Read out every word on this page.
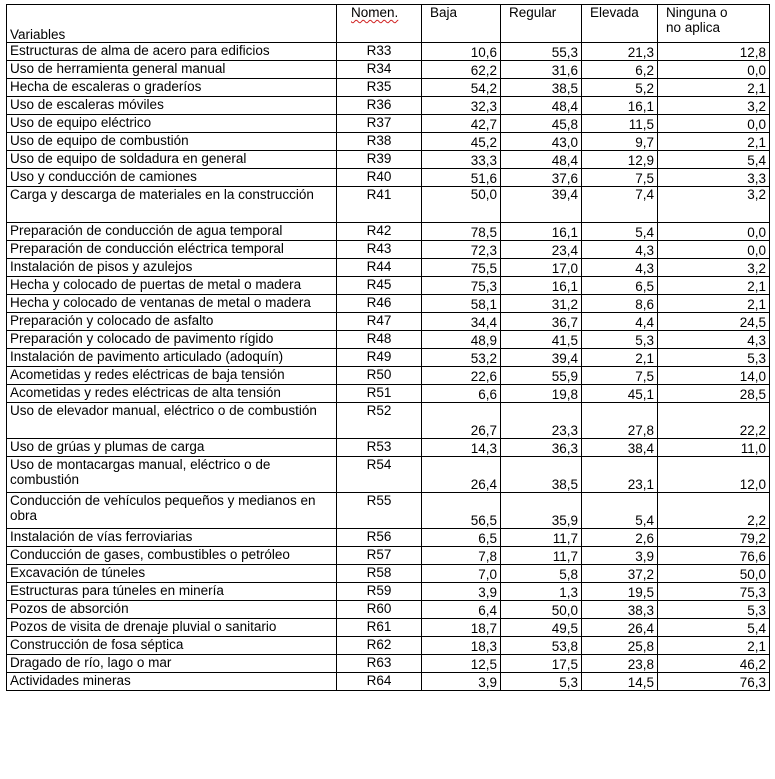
Variables	Nomen.	Baja	Regular	Elevada	Ninguna o
no aplica
Estructuras de alma de acero para edificios	R33	10,6	55,3	21,3	12,8
Uso de herramienta general manual	R34	62,2	31,6	6,2	0,0
Hecha de escaleras o graderíos	R35	54,2	38,5	5,2	2,1
Uso de escaleras móviles	R36	32,3	48,4	16,1	3,2
Uso de equipo eléctrico	R37	42,7	45,8	11,5	0,0
Uso de equipo de combustión	R38	45,2	43,0	9,7	2,1
Uso de equipo de soldadura en general	R39	33,3	48,4	12,9	5,4
Uso y conducción de camiones	R40	51,6	37,6	7,5	3,3
Carga y descarga de materiales en la construcción	R41	50,0	39,4	7,4	3,2
Preparación de conducción de agua temporal	R42	78,5	16,1	5,4	0,0
Preparación de conducción eléctrica temporal	R43	72,3	23,4	4,3	0,0
Instalación de pisos y azulejos	R44	75,5	17,0	4,3	3,2
Hecha y colocado de puertas de metal o madera	R45	75,3	16,1	6,5	2,1
Hecha y colocado de ventanas de metal o madera	R46	58,1	31,2	8,6	2,1
Preparación y colocado de asfalto	R47	34,4	36,7	4,4	24,5
Preparación y colocado de pavimento rígido	R48	48,9	41,5	5,3	4,3
Instalación de pavimento articulado (adoquín)	R49	53,2	39,4	2,1	5,3
Acometidas y redes eléctricas de baja tensión	R50	22,6	55,9	7,5	14,0
Acometidas y redes eléctricas de alta tensión	R51	6,6	19,8	45,1	28,5
Uso de elevador manual, eléctrico o de combustión	R52	26,7	23,3	27,8	22,2
Uso de grúas y plumas de carga	R53	14,3	36,3	38,4	11,0
Uso de montacargas manual, eléctrico o de combustión	R54	26,4	38,5	23,1	12,0
Conducción de vehículos pequeños y medianos en obra	R55	56,5	35,9	5,4	2,2
Instalación de vías ferroviarias	R56	6,5	11,7	2,6	79,2
Conducción de gases, combustibles o petróleo	R57	7,8	11,7	3,9	76,6
Excavación de túneles	R58	7,0	5,8	37,2	50,0
Estructuras para túneles en minería	R59	3,9	1,3	19,5	75,3
Pozos de absorción	R60	6,4	50,0	38,3	5,3
Pozos de visita de drenaje pluvial o sanitario	R61	18,7	49,5	26,4	5,4
Construcción de fosa séptica	R62	18,3	53,8	25,8	2,1
Dragado de río, lago o mar	R63	12,5	17,5	23,8	46,2
Actividades mineras	R64	3,9	5,3	14,5	76,3
